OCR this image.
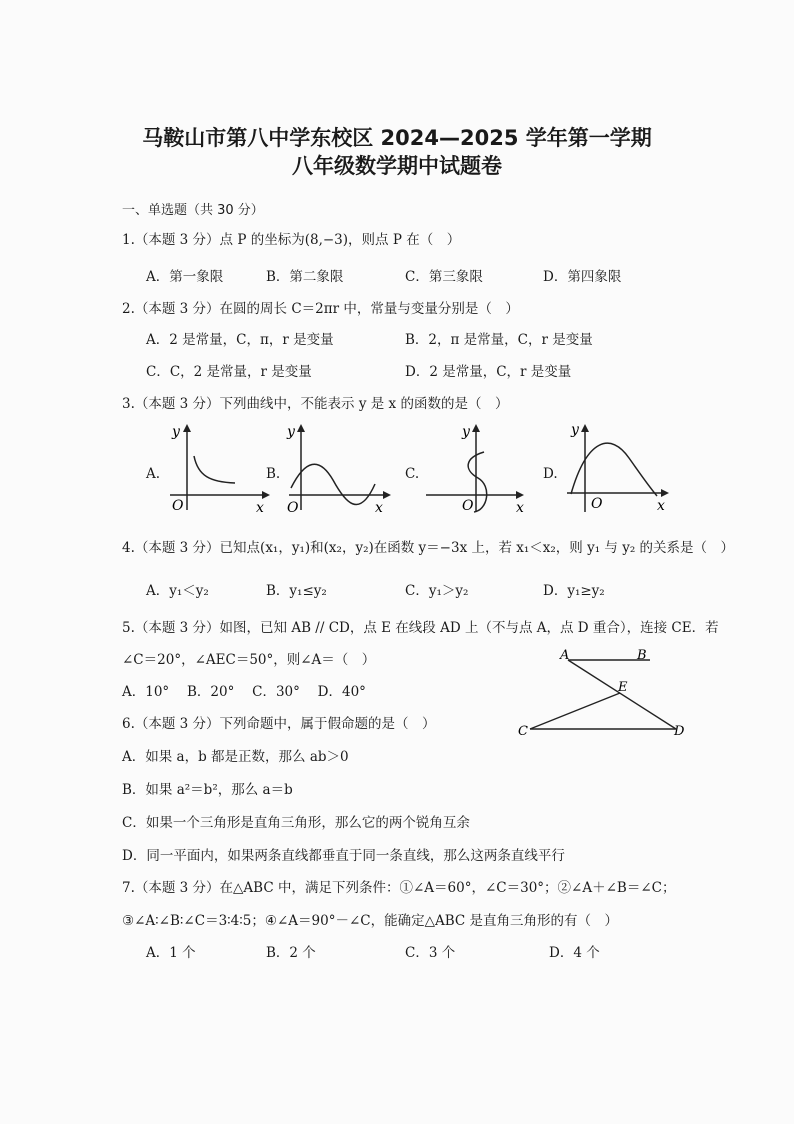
马鞍山市第八中学东校区 2024—2025 学年第一学期
八年级数学期中试题卷
一、单选题（共 30 分）
1.（本题 3 分）点 P 的坐标为(8,−3)，则点 P 在（　）
A．第一象限	B．第二象限	C．第三象限	D．第四象限
2.（本题 3 分）在圆的周长 C＝2πr 中，常量与变量分别是（　）
A．2 是常量，C，π，r 是变量	B．2，π 是常量，C，r 是变量
C．C，2 是常量，r 是变量	D．2 是常量，C，r 是变量
3.（本题 3 分）下列曲线中，不能表示 y 是 x 的函数的是（　）
A.	B.	C.	D.
y
x
O
y
x
O
y
x
O
y
x
O
4.（本题 3 分）已知点(x₁，y₁)和(x₂，y₂)在函数 y＝−3x 上，若 x₁＜x₂，则 y₁ 与 y₂ 的关系是（　）
A．y₁＜y₂	B．y₁≤y₂	C．y₁＞y₂	D．y₁≥y₂
5.（本题 3 分）如图，已知 AB // CD，点 E 在线段 AD 上（不与点 A，点 D 重合），连接 CE．若
∠C＝20°，∠AEC＝50°，则∠A＝（　）
A．10°　 B．20°　 C．30°　 D．40°
A	B
E
C	D
6.（本题 3 分）下列命题中，属于假命题的是（　）
A．如果 a，b 都是正数，那么 ab＞0
B．如果 a²＝b²，那么 a＝b
C．如果一个三角形是直角三角形，那么它的两个锐角互余
D．同一平面内，如果两条直线都垂直于同一条直线，那么这两条直线平行
7.（本题 3 分）在△ABC 中，满足下列条件：①∠A＝60°，∠C＝30°；②∠A＋∠B＝∠C；
③∠A∶∠B∶∠C＝3∶4∶5；④∠A＝90°－∠C，能确定△ABC 是直角三角形的有（　）
A．1 个	B．2 个	C．3 个	D．4 个
